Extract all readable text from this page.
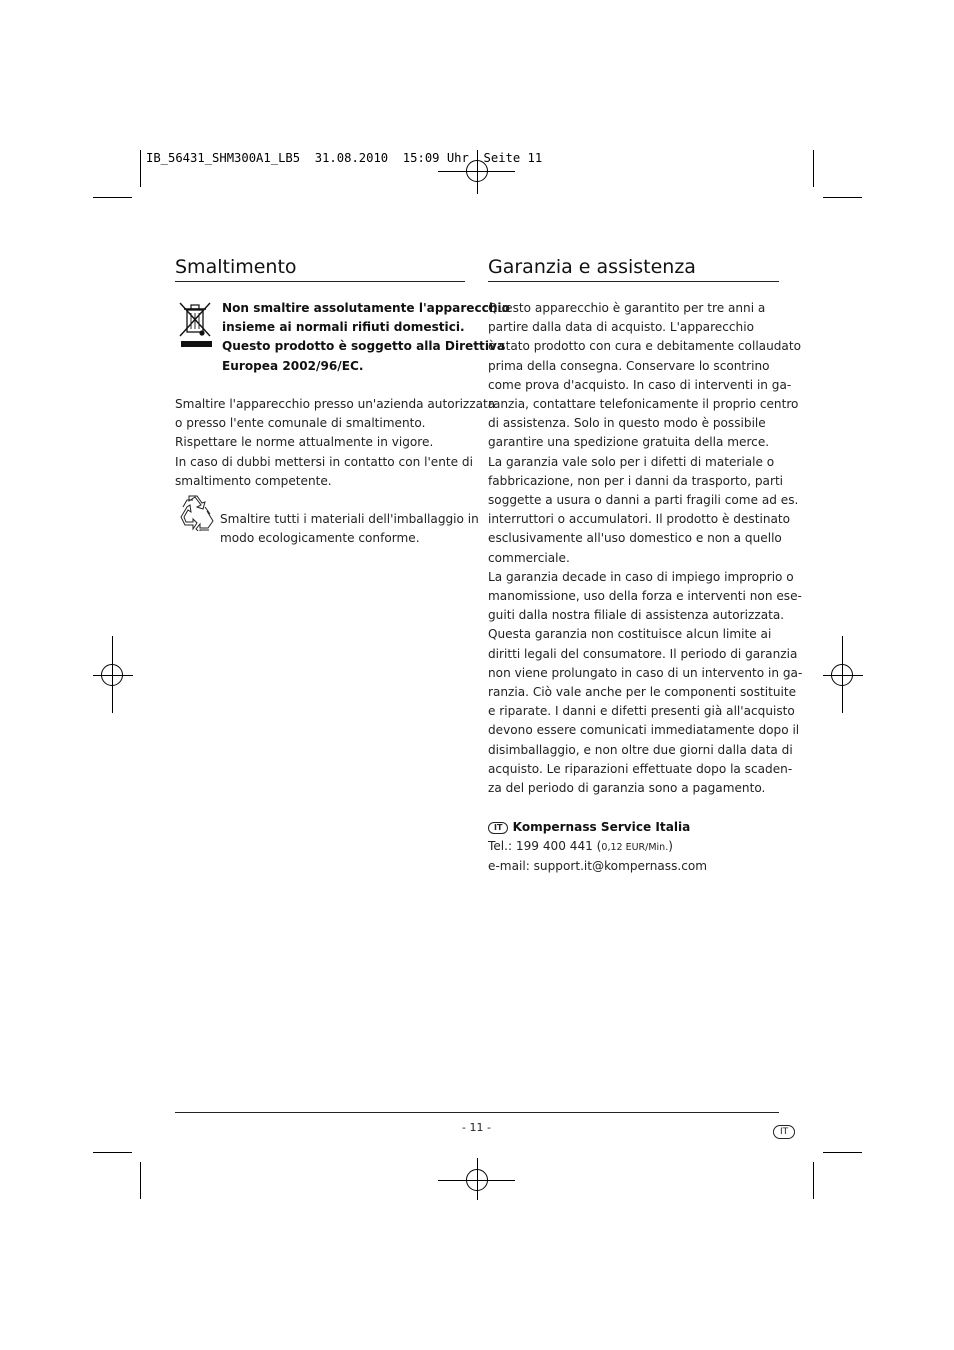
IB_56431_SHM300A1_LB5  31.08.2010  15:09 Uhr  Seite 11
Smaltimento

Non smaltire assolutamente l'apparecchio

insieme ai normali rifiuti domestici.

Questo prodotto è soggetto alla Direttiva

Europea 2002/96/EC.

Smaltire l'apparecchio presso un'azienda autorizzata

o presso l'ente comunale di smaltimento.

Rispettare le norme attualmente in vigore.

In caso di dubbi mettersi in contatto con l'ente di

smaltimento competente.

Smaltire tutti i materiali dell'imballaggio in

modo ecologicamente conforme.

Garanzia e assistenza

Questo apparecchio è garantito per tre anni a

partire dalla data di acquisto. L'apparecchio

è stato prodotto con cura e debitamente collaudato

prima della consegna. Conservare lo scontrino

come prova d'acquisto. In caso di interventi in ga-

ranzia, contattare telefonicamente il proprio centro

di assistenza. Solo in questo modo è possibile

garantire una spedizione gratuita della merce.

La garanzia vale solo per i difetti di materiale o

fabbricazione, non per i danni da trasporto, parti

soggette a usura o danni a parti fragili come ad es.

interruttori o accumulatori. Il prodotto è destinato

esclusivamente all'uso domestico e non a quello

commerciale.

La garanzia decade in caso di impiego improprio o

manomissione, uso della forza e interventi non ese-

guiti dalla nostra filiale di assistenza autorizzata.

Questa garanzia non costituisce alcun limite ai

diritti legali del consumatore. Il periodo di garanzia

non viene prolungato in caso di un intervento in ga-

ranzia. Ciò vale anche per le componenti sostituite

e riparate. I danni e difetti presenti già all'acquisto

devono essere comunicati immediatamente dopo il

disimballaggio, e non oltre due giorni dalla data di

acquisto. Le riparazioni effettuate dopo la scaden-

za del periodo di garanzia sono a pagamento.

IT Kompernass Service Italia

Tel.: 199 400 441 (0,12 EUR/Min.)

e-mail: support.it@kompernass.com

- 11 -	IT
